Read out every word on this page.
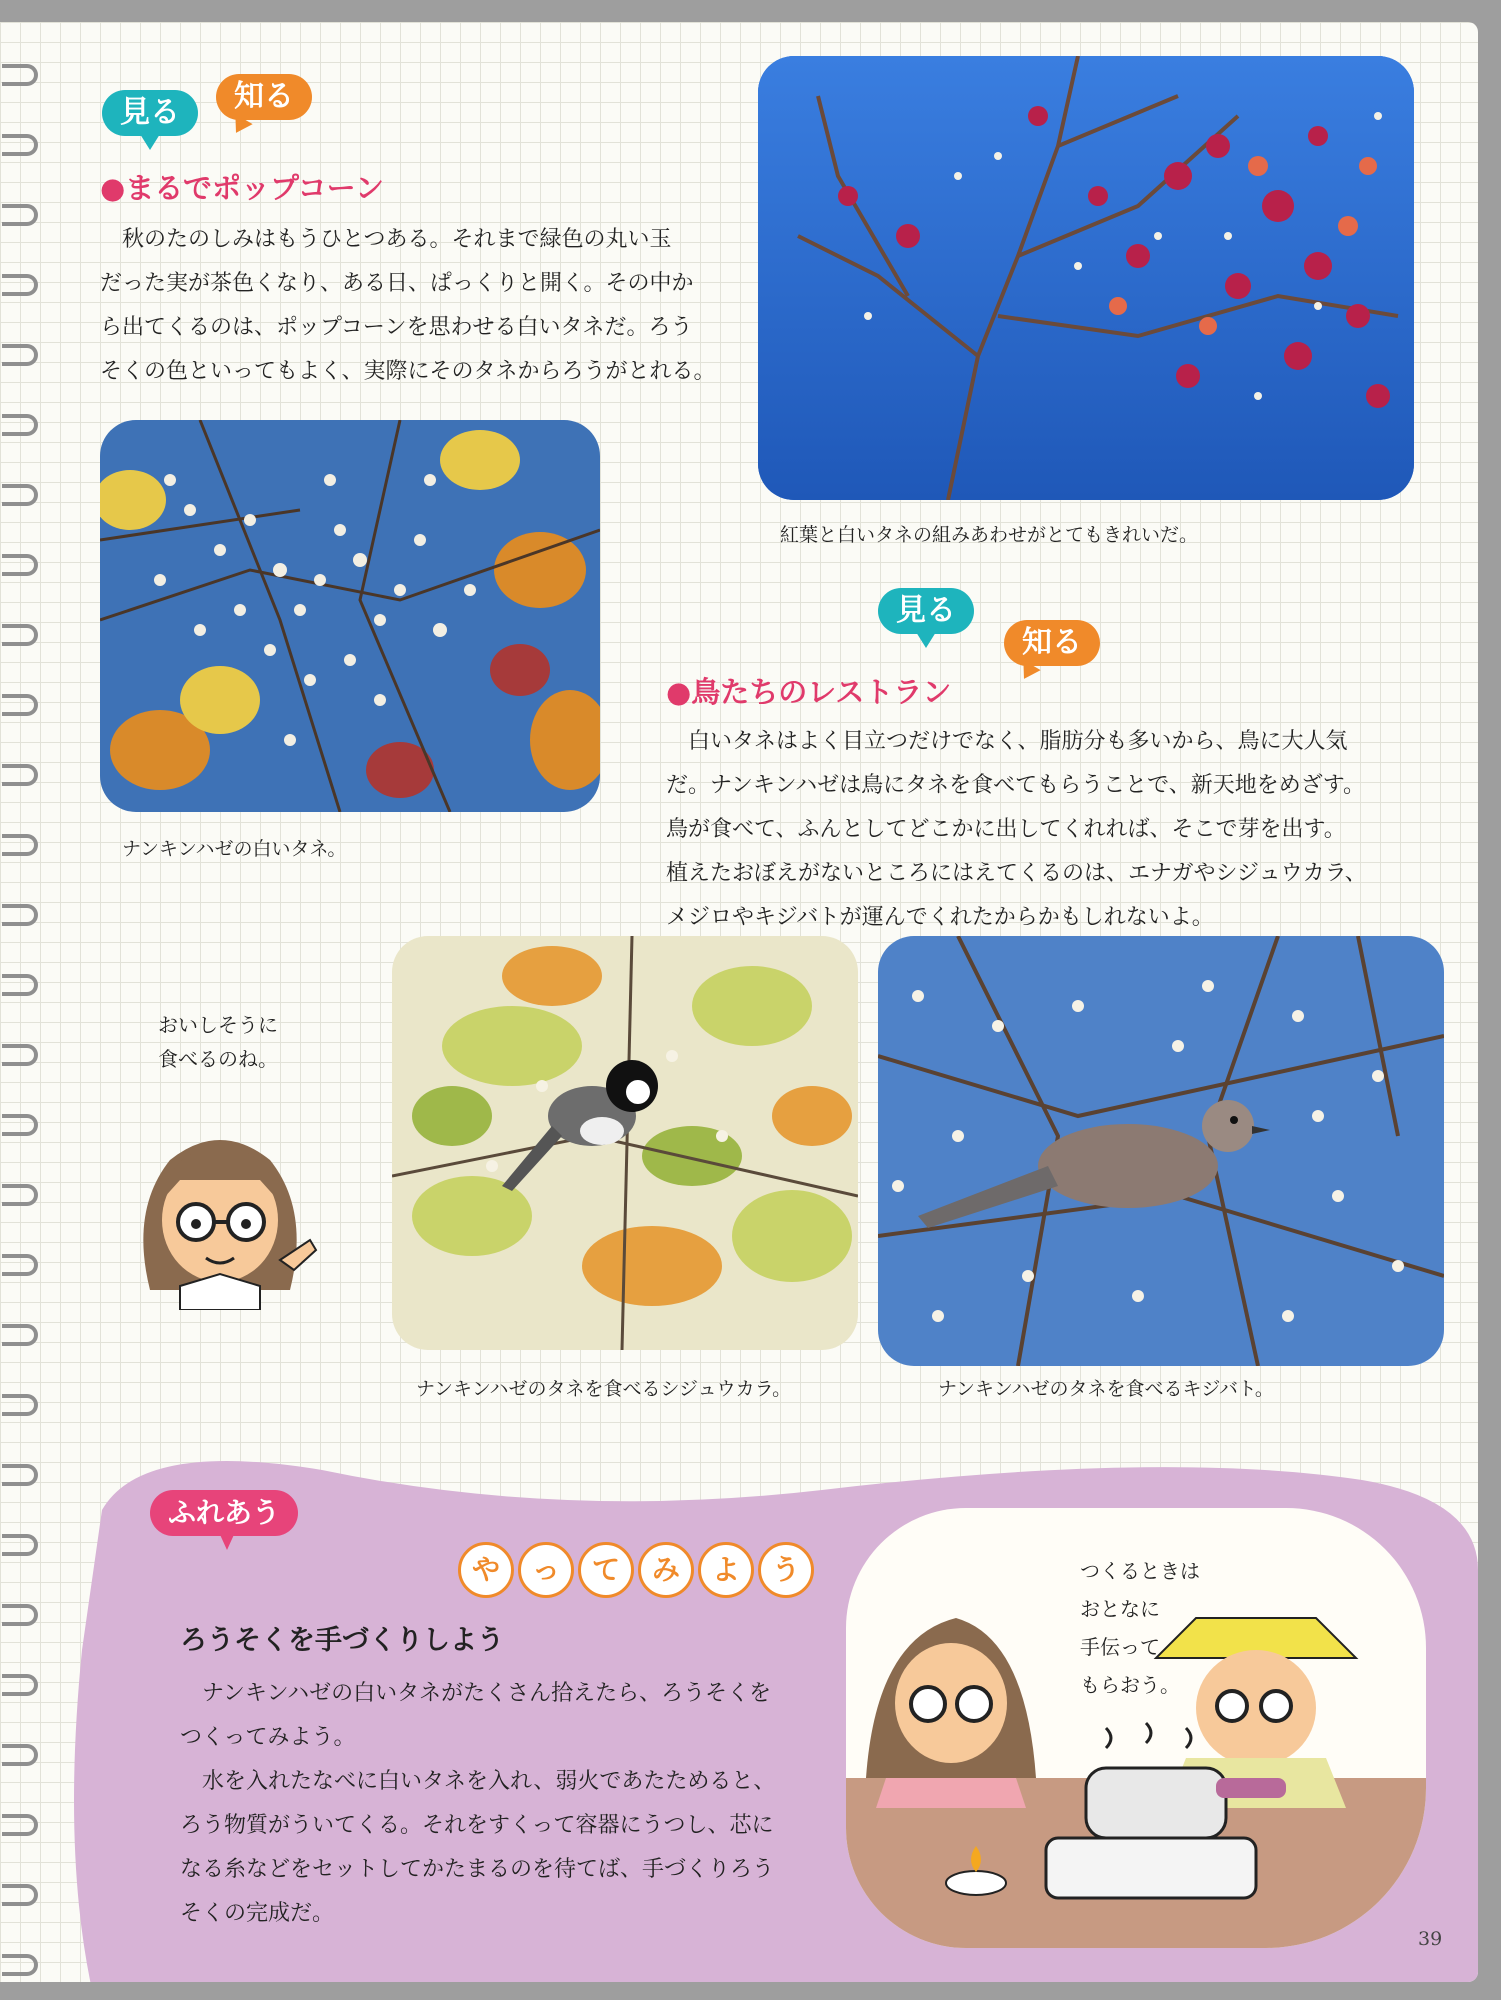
見る	知る
●まるでポップコーン
秋のたのしみはもうひとつある。それまで緑色の丸い玉
だった実が茶色くなり、ある日、ぱっくりと開く。その中か
ら出てくるのは、ポップコーンを思わせる白いタネだ。ろう
そくの色といってもよく、実際にそのタネからろうがとれる。
紅葉と白いタネの組みあわせがとてもきれいだ。
ナンキンハゼの白いタネ。
見る
知る
●鳥たちのレストラン
白いタネはよく目立つだけでなく、脂肪分も多いから、鳥に大人気
だ。ナンキンハゼは鳥にタネを食べてもらうことで、新天地をめざす。
鳥が食べて、ふんとしてどこかに出してくれれば、そこで芽を出す。
植えたおぼえがないところにはえてくるのは、エナガやシジュウカラ、
メジロやキジバトが運んでくれたからかもしれないよ。
おいしそうに
食べるのね。
ナンキンハゼのタネを食べるシジュウカラ。	ナンキンハゼのタネを食べるキジバト。
ふれあう
や っ て み よ う
ろうそくを手づくりしよう
ナンキンハゼの白いタネがたくさん拾えたら、ろうそくを
つくってみよう。
水を入れたなべに白いタネを入れ、弱火であたためると、
ろう物質がういてくる。それをすくって容器にうつし、芯に
なる糸などをセットしてかたまるのを待てば、手づくりろう
そくの完成だ。
つくるときは
おとなに
手伝って
もらおう。
39
